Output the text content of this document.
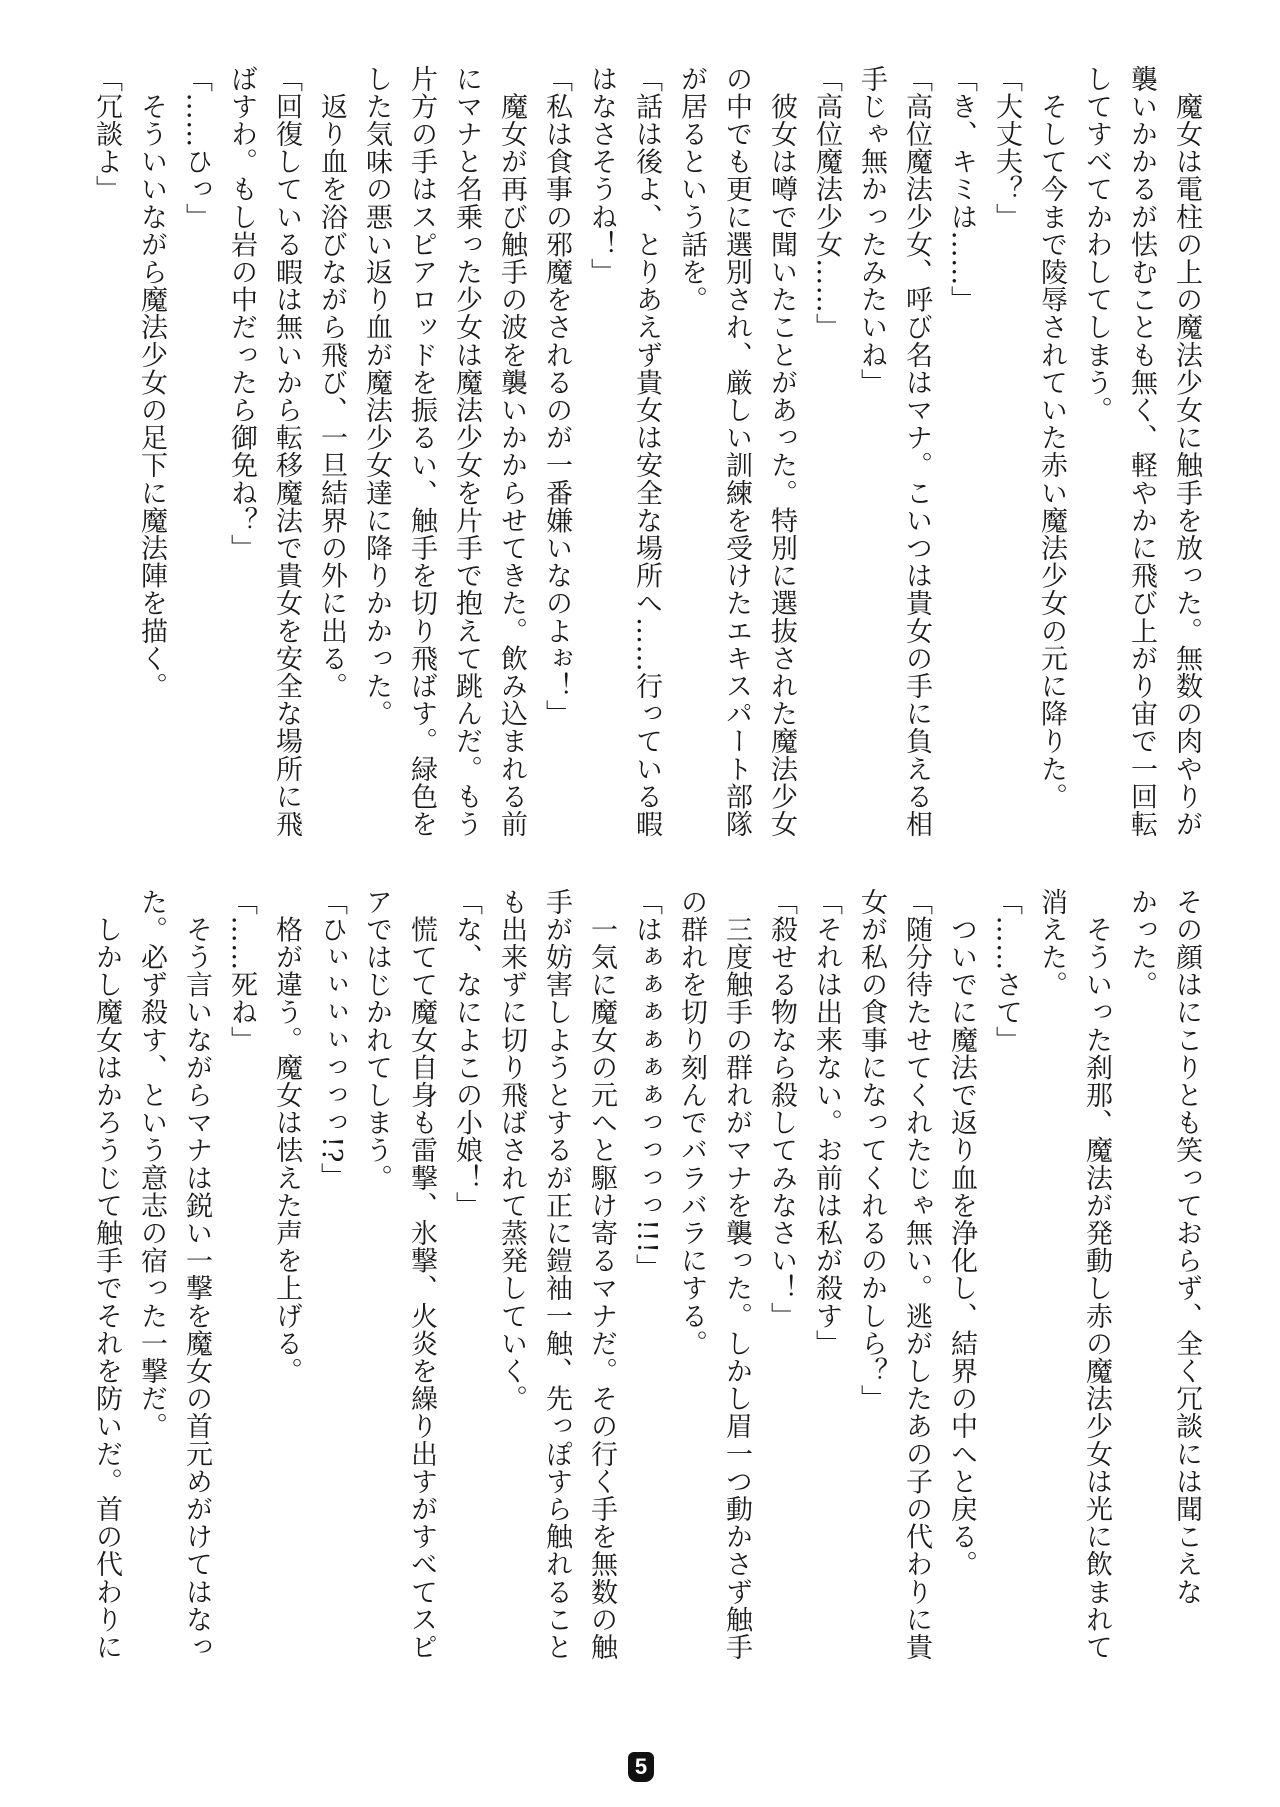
　魔女は電柱の上の魔法少女に触手を放った。無数の肉やりが
襲いかかるが怯むことも無く、軽やかに飛び上がり宙で一回転
してすべてかわしてしまう。
　そして今まで陵辱されていた赤い魔法少女の元に降りた。
「大丈夫？」
「き、キミは……」
「高位魔法少女、呼び名はマナ。こいつは貴女の手に負える相
手じゃ無かったみたいね」
「高位魔法少女……」
　彼女は噂で聞いたことがあった。特別に選抜された魔法少女
の中でも更に選別され、厳しい訓練を受けたエキスパート部隊
が居るという話を。
「話は後よ、とりあえず貴女は安全な場所へ……行っている暇
はなさそうね！」
「私は食事の邪魔をされるのが一番嫌いなのよぉ！」
　魔女が再び触手の波を襲いかからせてきた。飲み込まれる前
にマナと名乗った少女は魔法少女を片手で抱えて跳んだ。もう
片方の手はスピアロッドを振るい、触手を切り飛ばす。緑色を
した気味の悪い返り血が魔法少女達に降りかかった。
　返り血を浴びながら飛び、一旦結界の外に出る。
「回復している暇は無いから転移魔法で貴女を安全な場所に飛
ばすわ。もし岩の中だったら御免ね？」
「……ひっ」
　そういいながら魔法少女の足下に魔法陣を描く。
「冗談よ」
その顔はにこりとも笑っておらず、全く冗談には聞こえな
かった。
　そういった刹那、魔法が発動し赤の魔法少女は光に飲まれて
消えた。
「……さて」
　ついでに魔法で返り血を浄化し、結界の中へと戻る。
「随分待たせてくれたじゃ無い。逃がしたあの子の代わりに貴
女が私の食事になってくれるのかしら？」
「それは出来ない。お前は私が殺す」
「殺せる物なら殺してみなさい！」
　三度触手の群れがマナを襲った。しかし眉一つ動かさず触手
の群れを切り刻んでバラバラにする。
「はぁぁぁぁぁぁっっっっ!!!」
　一気に魔女の元へと駆け寄るマナだ。その行く手を無数の触
手が妨害しようとするが正に鎧袖一触、先っぽすら触れること
も出来ずに切り飛ばされて蒸発していく。
「な、なによこの小娘！」
　慌てて魔女自身も雷撃、氷撃、火炎を繰り出すがすべてスピ
アではじかれてしまう。
「ひぃぃぃぃっっっ!?」
　格が違う。魔女は怯えた声を上げる。
「……死ね」
　そう言いながらマナは鋭い一撃を魔女の首元めがけてはなっ
た。必ず殺す、という意志の宿った一撃だ。
　しかし魔女はかろうじて触手でそれを防いだ。首の代わりに
5
